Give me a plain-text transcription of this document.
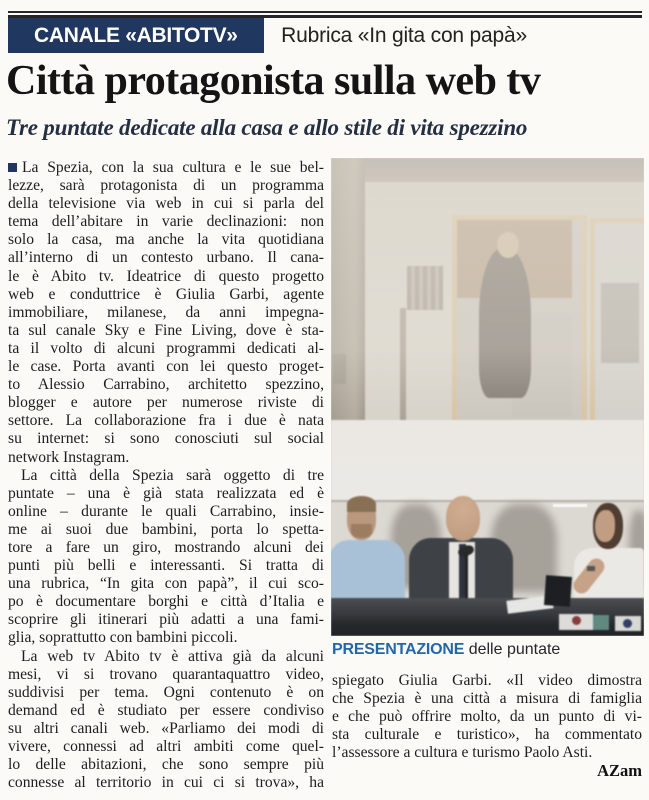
CANALE «ABITOTV» Rubrica «In gita con papà»
Città protagonista sulla web tv
Tre puntate dedicate alla casa e allo stile di vita spezzino
La Spezia, con la sua cultura e le sue bel-
lezze, sarà protagonista di un programma
della televisione via web in cui si parla del
tema dell’abitare in varie declinazioni: non
solo la casa, ma anche la vita quotidiana
all’interno di un contesto urbano. Il cana-
le è Abito tv. Ideatrice di questo progetto
web e conduttrice è Giulia Garbi, agente
immobiliare, milanese, da anni impegna-
ta sul canale Sky e Fine Living, dove è sta-
ta il volto di alcuni programmi dedicati al-
le case. Porta avanti con lei questo proget-
to Alessio Carrabino, architetto spezzino,
blogger e autore per numerose riviste di
settore. La collaborazione fra i due è nata
su internet: si sono conosciuti sul social
network Instagram.
La città della Spezia sarà oggetto di tre
puntate – una è già stata realizzata ed è
online – durante le quali Carrabino, insie-
me ai suoi due bambini, porta lo spetta-
tore a fare un giro, mostrando alcuni dei
punti più belli e interessanti. Si tratta di
una rubrica, “In gita con papà”, il cui sco-
po è documentare borghi e città d’Italia e
scoprire gli itinerari più adatti a una fami-
glia, soprattutto con bambini piccoli.
La web tv Abito tv è attiva già da alcuni
mesi, vi si trovano quarantaquattro video,
suddivisi per tema. Ogni contenuto è on
demand ed è studiato per essere condiviso
su altri canali web. «Parliamo dei modi di
vivere, connessi ad altri ambiti come quel-
lo delle abitazioni, che sono sempre più
connesse al territorio in cui ci si trova», ha
PRESENTAZIONE delle puntate
spiegato Giulia Garbi. «Il video dimostra
che Spezia è una città a misura di famiglia
e che può offrire molto, da un punto di vi-
sta culturale e turistico», ha commentato
l’assessore a cultura e turismo Paolo Asti.
AZam
